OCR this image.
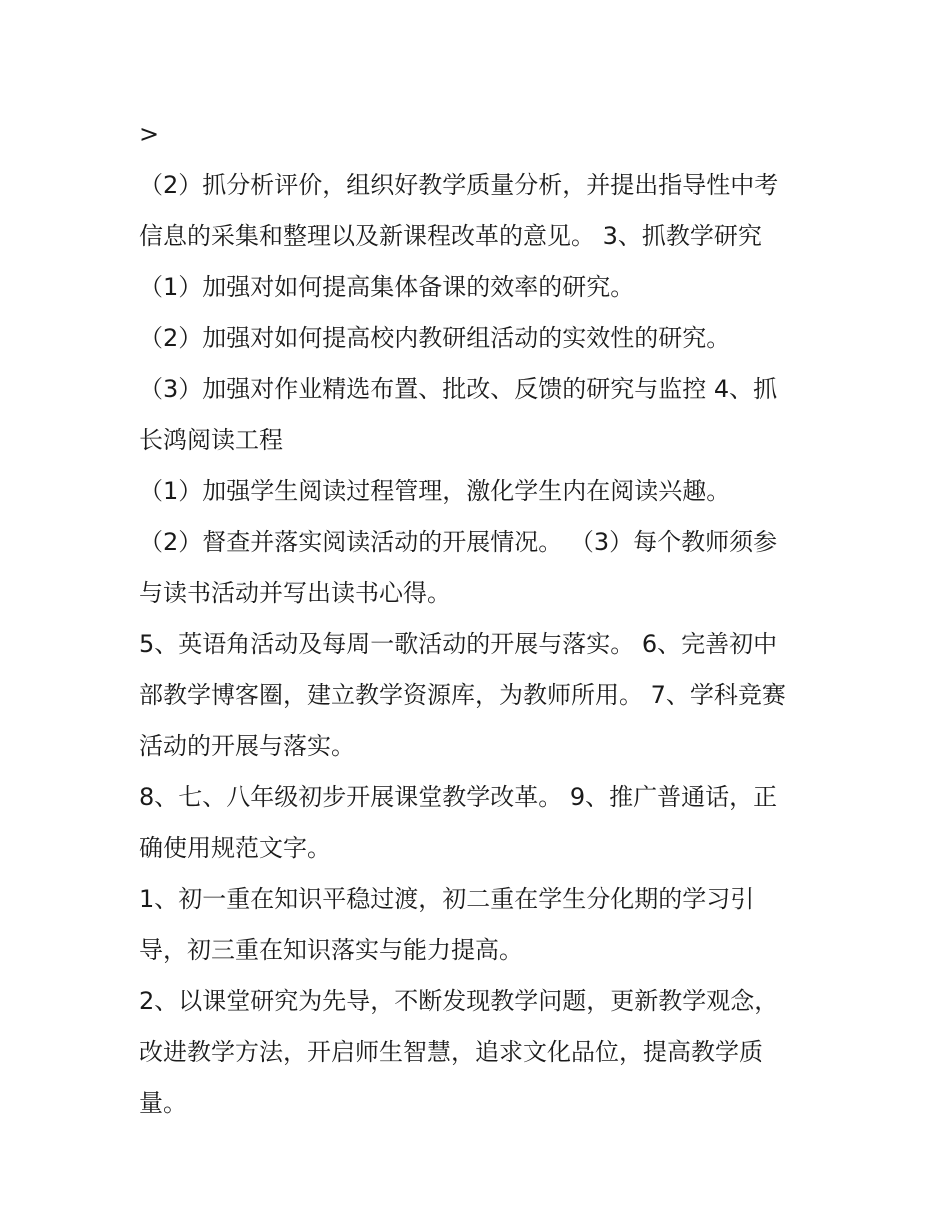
>
（2）抓分析评价，组织好教学质量分析，并提出指导性中考
信息的采集和整理以及新课程改革的意见。 3、抓教学研究
（1）加强对如何提高集体备课的效率的研究。
（2）加强对如何提高校内教研组活动的实效性的研究。
（3）加强对作业精选布置、批改、反馈的研究与监控 4、抓
长鸿阅读工程
（1）加强学生阅读过程管理，激化学生内在阅读兴趣。
（2）督查并落实阅读活动的开展情况。 （3）每个教师须参
与读书活动并写出读书心得。
5、英语角活动及每周一歌活动的开展与落实。 6、完善初中
部教学博客圈，建立教学资源库，为教师所用。 7、学科竞赛
活动的开展与落实。
8、七、八年级初步开展课堂教学改革。 9、推广普通话，正
确使用规范文字。
1、初一重在知识平稳过渡，初二重在学生分化期的学习引
导，初三重在知识落实与能力提高。
2、以课堂研究为先导，不断发现教学问题，更新教学观念，
改进教学方法，开启师生智慧，追求文化品位，提高教学质
量。
